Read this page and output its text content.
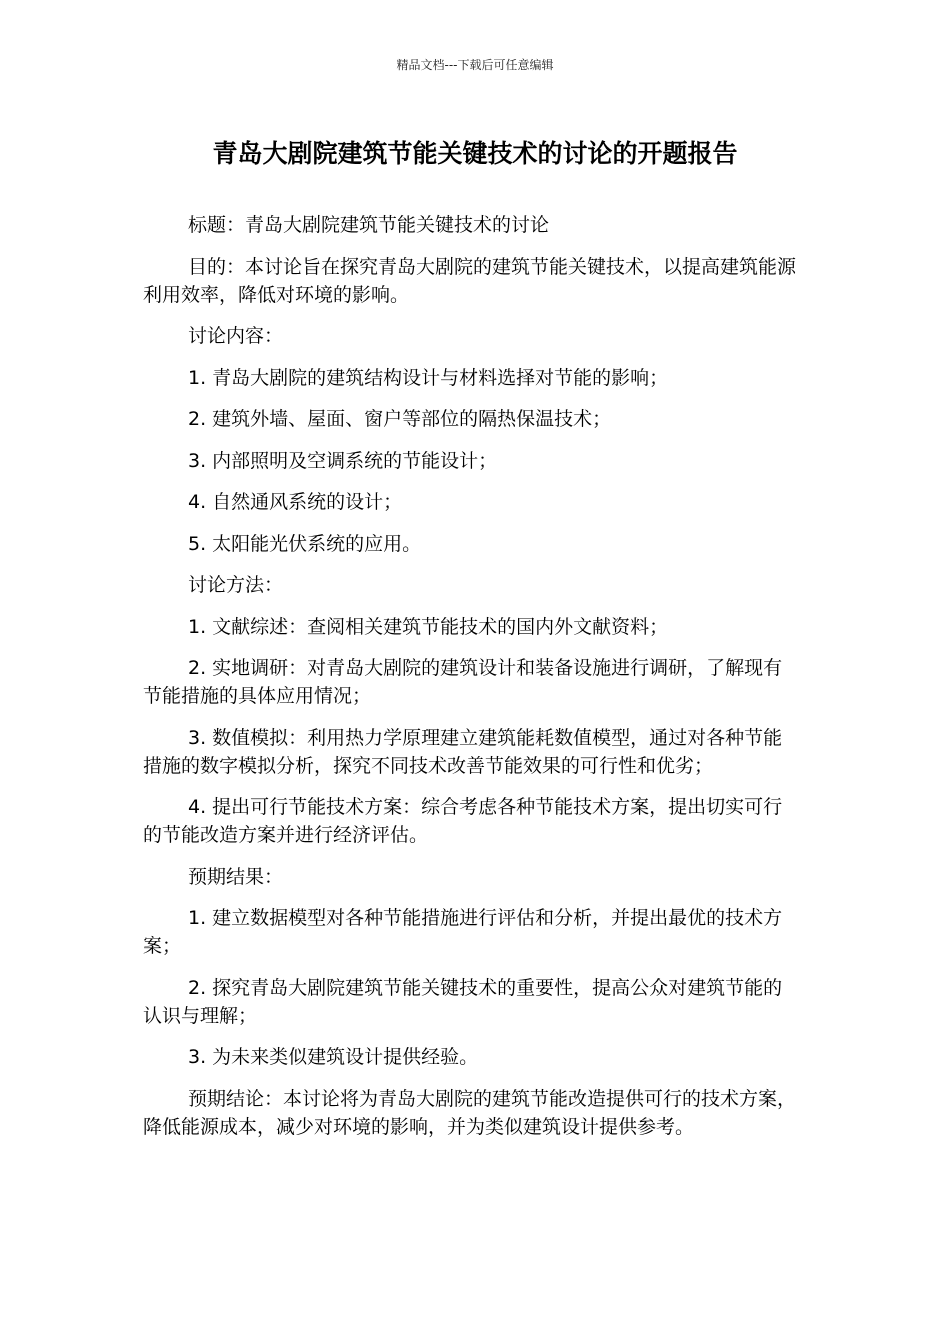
精品文档---下载后可任意编辑
青岛大剧院建筑节能关键技术的讨论的开题报告

标题：青岛大剧院建筑节能关键技术的讨论

目的：本讨论旨在探究青岛大剧院的建筑节能关键技术，以提高建筑能源利用效率，降低对环境的影响。

讨论内容：

1. 青岛大剧院的建筑结构设计与材料选择对节能的影响；

2. 建筑外墙、屋面、窗户等部位的隔热保温技术；

3. 内部照明及空调系统的节能设计；

4. 自然通风系统的设计；

5. 太阳能光伏系统的应用。

讨论方法：

1. 文献综述：查阅相关建筑节能技术的国内外文献资料；

2. 实地调研：对青岛大剧院的建筑设计和装备设施进行调研，了解现有节能措施的具体应用情况；

3. 数值模拟：利用热力学原理建立建筑能耗数值模型，通过对各种节能措施的数字模拟分析，探究不同技术改善节能效果的可行性和优劣；

4. 提出可行节能技术方案：综合考虑各种节能技术方案，提出切实可行的节能改造方案并进行经济评估。

预期结果：

1. 建立数据模型对各种节能措施进行评估和分析，并提出最优的技术方案；

2. 探究青岛大剧院建筑节能关键技术的重要性，提高公众对建筑节能的认识与理解；

3. 为未来类似建筑设计提供经验。

预期结论：本讨论将为青岛大剧院的建筑节能改造提供可行的技术方案，降低能源成本，减少对环境的影响，并为类似建筑设计提供参考。
